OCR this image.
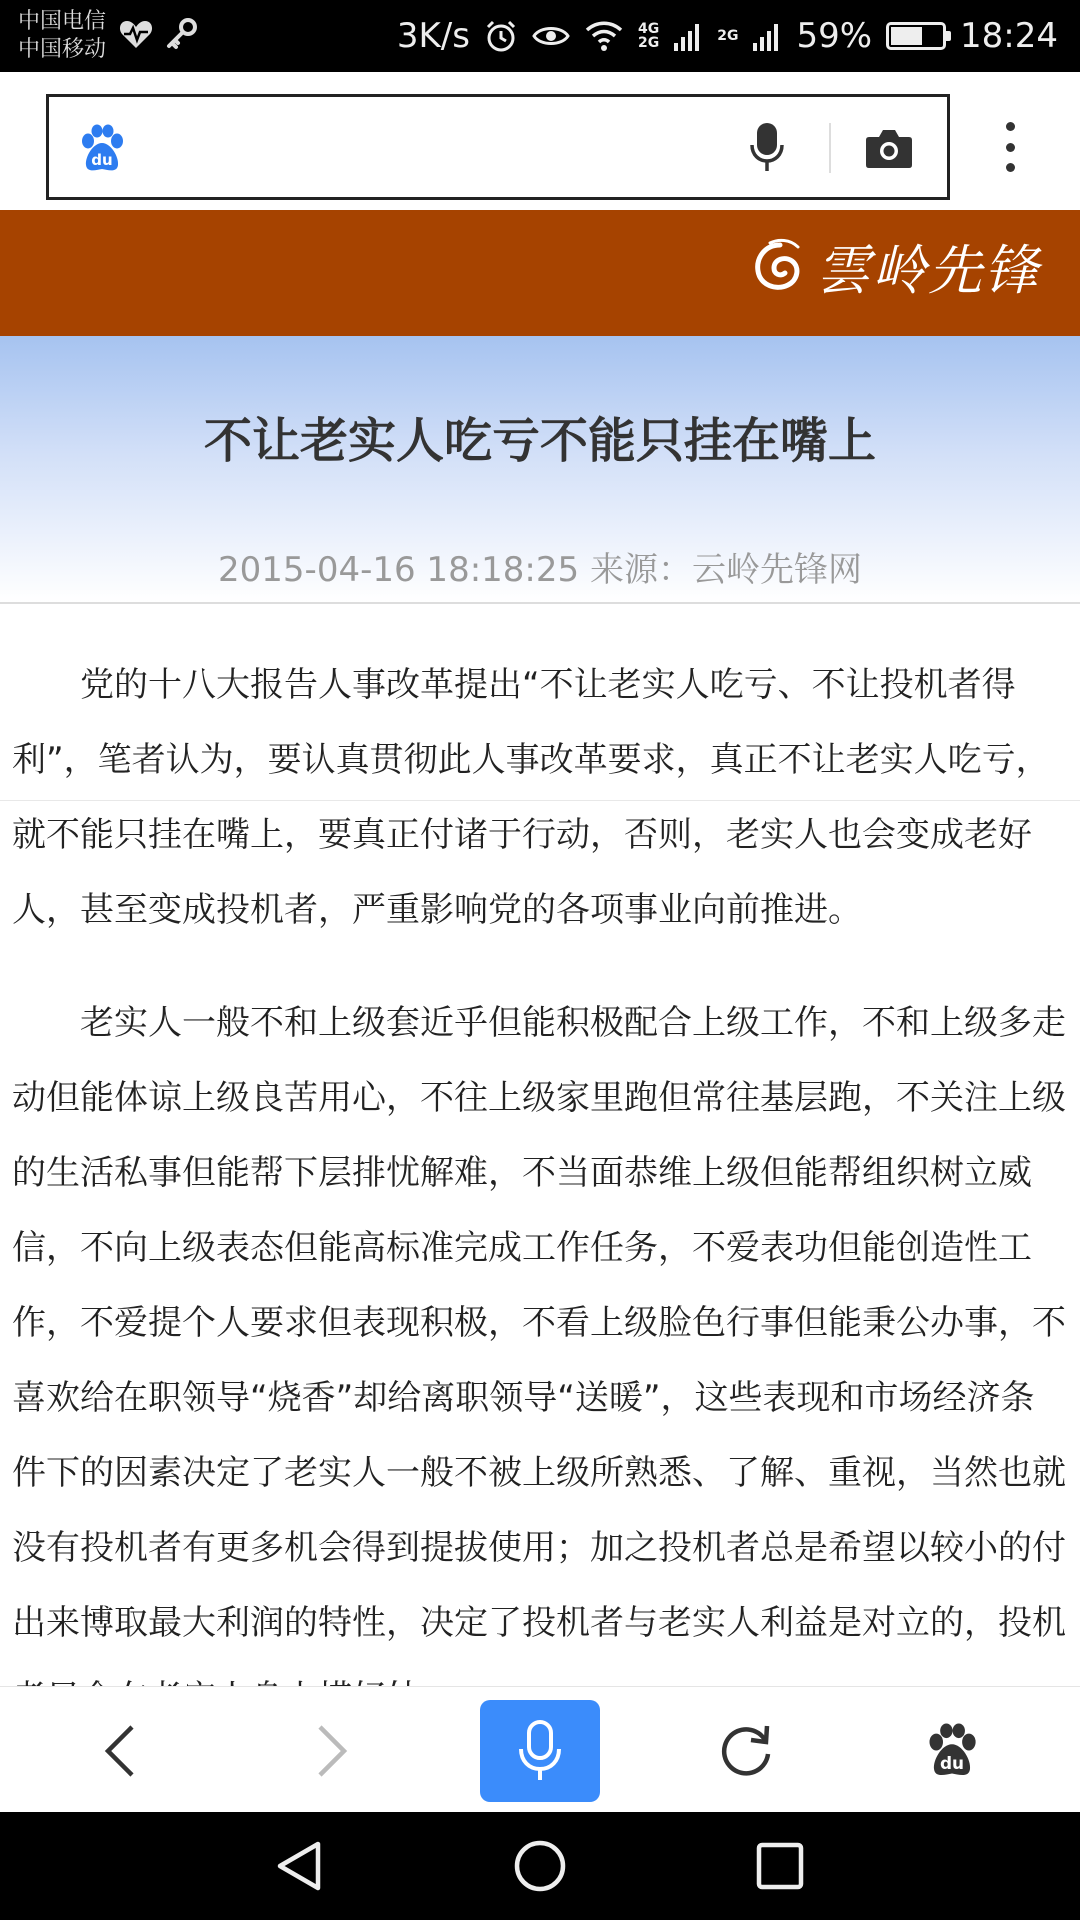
中国电信
中国移动	3K/s	4G
2G	2G 59%	18:24
du
雲岭先锋
不让老实人吃亏不能只挂在嘴上
2015-04-16 18:18:25 来源：云岭先锋网

党的十八大报告人事改革提出“不让老实人吃亏、不让投机者得利”，笔者认为，要认真贯彻此人事改革要求，真正不让老实人吃亏，就不能只挂在嘴上，要真正付诸于行动，否则，老实人也会变成老好人，甚至变成投机者，严重影响党的各项事业向前推进。

老实人一般不和上级套近乎但能积极配合上级工作，不和上级多走动但能体谅上级良苦用心，不往上级家里跑但常往基层跑，不关注上级的生活私事但能帮下层排忧解难，不当面恭维上级但能帮组织树立威信，不向上级表态但能高标准完成工作任务，不爱表功但能创造性工作，不爱提个人要求但表现积极，不看上级脸色行事但能秉公办事，不喜欢给在职领导“烧香”却给离职领导“送暖”，这些表现和市场经济条件下的因素决定了老实人一般不被上级所熟悉、了解、重视，当然也就没有投机者有更多机会得到提拔使用；加之投机者总是希望以较小的付出来博取最大利润的特性，决定了投机者与老实人利益是对立的，投机

du
